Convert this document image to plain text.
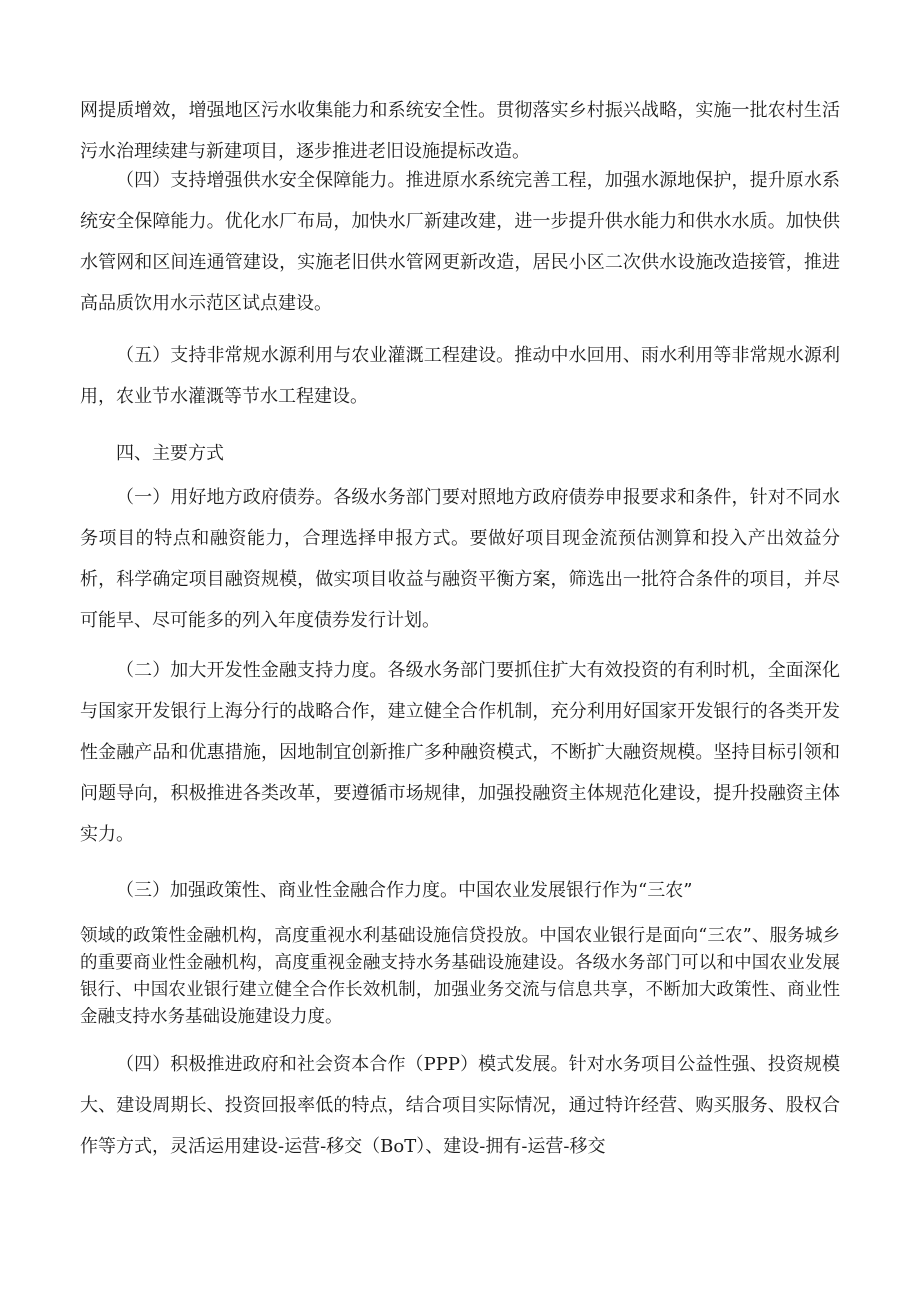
网提质增效，增强地区污水收集能力和系统安全性。贯彻落实乡村振兴战略，实施一批农村生活污水治理续建与新建项目，逐步推进老旧设施提标改造。

（四）支持增强供水安全保障能力。推进原水系统完善工程，加强水源地保护，提升原水系统安全保障能力。优化水厂布局，加快水厂新建改建，进一步提升供水能力和供水水质。加快供水管网和区间连通管建设，实施老旧供水管网更新改造，居民小区二次供水设施改造接管，推进高品质饮用水示范区试点建设。

（五）支持非常规水源利用与农业灌溉工程建设。推动中水回用、雨水利用等非常规水源利用，农业节水灌溉等节水工程建设。

四、主要方式

（一）用好地方政府债券。各级水务部门要对照地方政府债券申报要求和条件，针对不同水务项目的特点和融资能力，合理选择申报方式。要做好项目现金流预估测算和投入产出效益分析，科学确定项目融资规模，做实项目收益与融资平衡方案，筛选出一批符合条件的项目，并尽可能早、尽可能多的列入年度债券发行计划。

（二）加大开发性金融支持力度。各级水务部门要抓住扩大有效投资的有利时机，全面深化与国家开发银行上海分行的战略合作，建立健全合作机制，充分利用好国家开发银行的各类开发性金融产品和优惠措施，因地制宜创新推广多种融资模式，不断扩大融资规模。坚持目标引领和问题导向，积极推进各类改革，要遵循市场规律，加强投融资主体规范化建设，提升投融资主体实力。

（三）加强政策性、商业性金融合作力度。中国农业发展银行作为“三农”

领域的政策性金融机构，高度重视水利基础设施信贷投放。中国农业银行是面向“三农”、服务城乡的重要商业性金融机构，高度重视金融支持水务基础设施建设。各级水务部门可以和中国农业发展银行、中国农业银行建立健全合作长效机制，加强业务交流与信息共享，不断加大政策性、商业性金融支持水务基础设施建设力度。

（四）积极推进政府和社会资本合作（PPP）模式发展。针对水务项目公益性强、投资规模大、建设周期长、投资回报率低的特点，结合项目实际情况，通过特许经营、购买服务、股权合作等方式，灵活运用建设-运营-移交（BoT）、建设-拥有-运营-移交
